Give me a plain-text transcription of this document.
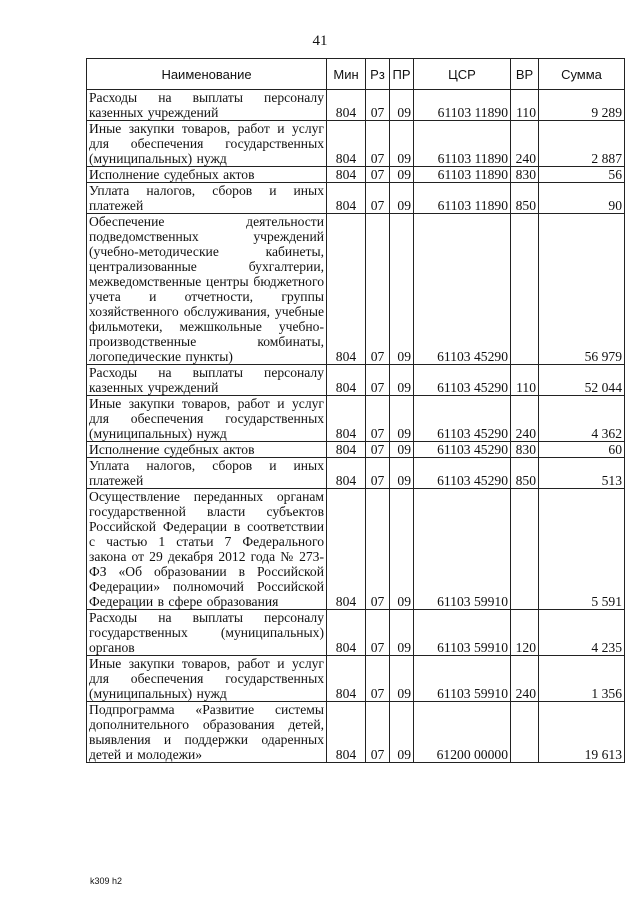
41
Наименование	Мин	Рз	ПР	ЦСР	ВР	Сумма
Расходы на выплаты персоналу казенных учреждений	804	07	09	61103 11890	110	9 289
Иные закупки товаров, работ и услуг для обеспечения государственных (муниципальных) нужд	804	07	09	61103 11890	240	2 887
Исполнение судебных актов	804	07	09	61103 11890	830	56
Уплата налогов, сборов и иных платежей	804	07	09	61103 11890	850	90
Обеспечение деятельности подведомственных учреждений (учебно-методические кабинеты, централизованные бухгалтерии, межведомственные центры бюджетного учета и отчетности, группы хозяйственного обслуживания, учебные фильмотеки, межшкольные учебно-производственные комбинаты, логопедические пункты)	804	07	09	61103 45290		56 979
Расходы на выплаты персоналу казенных учреждений	804	07	09	61103 45290	110	52 044
Иные закупки товаров, работ и услуг для обеспечения государственных (муниципальных) нужд	804	07	09	61103 45290	240	4 362
Исполнение судебных актов	804	07	09	61103 45290	830	60
Уплата налогов, сборов и иных платежей	804	07	09	61103 45290	850	513
Осуществление переданных органам государственной власти субъектов Российской Федерации в соответствии с частью 1 статьи 7 Федерального закона от 29 декабря 2012 года № 273-ФЗ «Об образовании в Российской Федерации» полномочий Российской Федерации в сфере образования	804	07	09	61103 59910		5 591
Расходы на выплаты персоналу государственных (муниципальных) органов	804	07	09	61103 59910	120	4 235
Иные закупки товаров, работ и услуг для обеспечения государственных (муниципальных) нужд	804	07	09	61103 59910	240	1 356
Подпрограмма «Развитие системы дополнительного образования детей, выявления и поддержки одаренных детей и молодежи»	804	07	09	61200 00000		19 613
k309 h2
